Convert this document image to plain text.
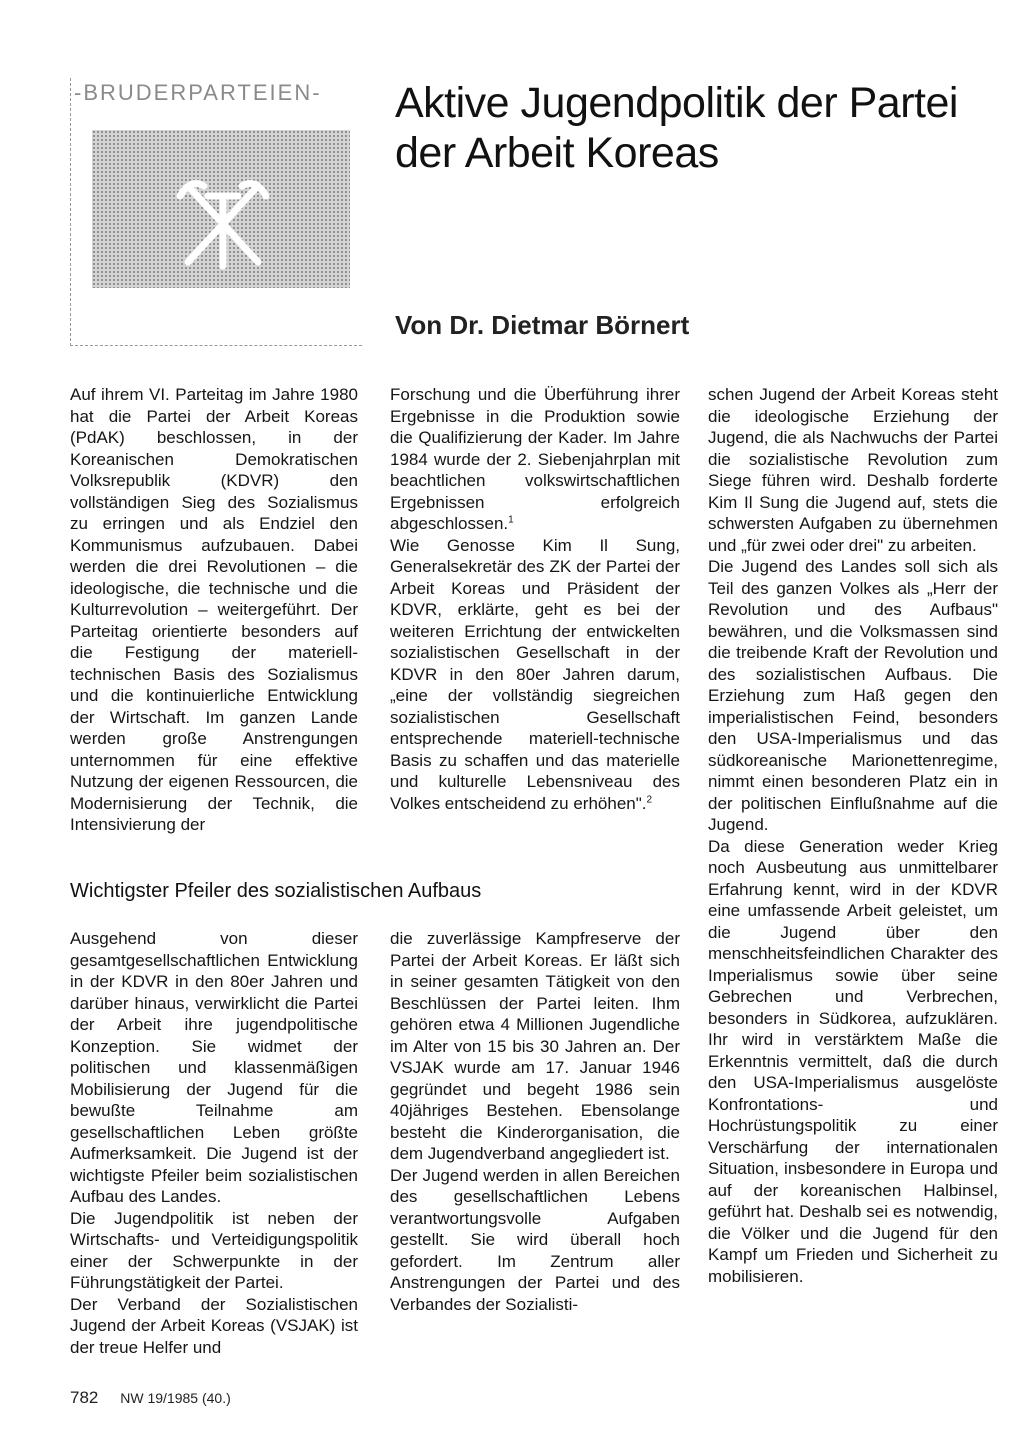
-BRUDERPARTEIEN- Aktive Jugendpolitik der Partei der Arbeit Koreas
Von Dr. Dietmar Börnert

Auf ihrem VI. Parteitag im Jahre 1980 hat die Partei der Arbeit Koreas (PdAK) beschlossen, in der Koreanischen Demokratischen Volksrepublik (KDVR) den vollständigen Sieg des Sozialismus zu erringen und als Endziel den Kommunismus aufzubauen. Dabei werden die drei Revolutionen – die ideologische, die technische und die Kulturrevolution – weitergeführt. Der Parteitag orientierte besonders auf die Festigung der materiell-technischen Basis des Sozialismus und die kontinuierliche Entwicklung der Wirtschaft. Im ganzen Lande werden große Anstrengungen unternommen für eine effektive Nutzung der eigenen Ressourcen, die Modernisierung der Technik, die Intensivierung der

Forschung und die Überführung ihrer Ergebnisse in die Produktion sowie die Qualifizierung der Kader. Im Jahre 1984 wurde der 2. Siebenjahrplan mit beachtlichen volkswirtschaftlichen Ergebnissen erfolgreich abgeschlossen.$^1$

Wie Genosse Kim Il Sung, Generalsekretär des ZK der Partei der Arbeit Koreas und Präsident der KDVR, erklärte, geht es bei der weiteren Errichtung der entwickelten sozialistischen Gesellschaft in der KDVR in den 80er Jahren darum, „eine der vollständig siegreichen sozialistischen Gesellschaft entsprechende materiell-technische Basis zu schaffen und das materielle und kulturelle Lebensniveau des Volkes entscheidend zu erhöhen".$^2$

schen Jugend der Arbeit Koreas steht die ideologische Erziehung der Jugend, die als Nachwuchs der Partei die sozialistische Revolution zum Siege führen wird. Deshalb forderte Kim Il Sung die Jugend auf, stets die schwersten Aufgaben zu übernehmen und „für zwei oder drei" zu arbeiten.

Die Jugend des Landes soll sich als Teil des ganzen Volkes als „Herr der Revolution und des Aufbaus" bewähren, und die Volksmassen sind die treibende Kraft der Revolution und des sozialistischen Aufbaus. Die Erziehung zum Haß gegen den imperialistischen Feind, besonders den USA-Imperialismus und das südkoreanische Marionettenregime, nimmt einen besonderen Platz ein in der politischen Einflußnahme auf die Jugend.

Da diese Generation weder Krieg noch Ausbeutung aus unmittelbarer Erfahrung kennt, wird in der KDVR eine umfassende Arbeit geleistet, um die Jugend über den menschheitsfeindlichen Charakter des Imperialismus sowie über seine Gebrechen und Verbrechen, besonders in Südkorea, aufzuklären. Ihr wird in verstärktem Maße die Erkenntnis vermittelt, daß die durch den USA-Imperialismus ausgelöste Konfrontations- und Hochrüstungspolitik zu einer Verschärfung der internationalen Situation, insbesondere in Europa und auf der koreanischen Halbinsel, geführt hat. Deshalb sei es notwendig, die Völker und die Jugend für den Kampf um Frieden und Sicherheit zu mobilisieren.

Wichtigster Pfeiler des sozialistischen Aufbaus

Ausgehend von dieser gesamtgesellschaftlichen Entwicklung in der KDVR in den 80er Jahren und darüber hinaus, verwirklicht die Partei der Arbeit ihre jugendpolitische Konzeption. Sie widmet der politischen und klassenmäßigen Mobilisierung der Jugend für die bewußte Teilnahme am gesellschaftlichen Leben größte Aufmerksamkeit. Die Jugend ist der wichtigste Pfeiler beim sozialistischen Aufbau des Landes.

Die Jugendpolitik ist neben der Wirtschafts- und Verteidigungspolitik einer der Schwerpunkte in der Führungstätigkeit der Partei.

Der Verband der Sozialistischen Jugend der Arbeit Koreas (VSJAK) ist der treue Helfer und

die zuverlässige Kampfreserve der Partei der Arbeit Koreas. Er läßt sich in seiner gesamten Tätigkeit von den Beschlüssen der Partei leiten. Ihm gehören etwa 4 Millionen Jugendliche im Alter von 15 bis 30 Jahren an. Der VSJAK wurde am 17. Januar 1946 gegründet und begeht 1986 sein 40jähriges Bestehen. Ebensolange besteht die Kinderorganisation, die dem Jugendverband angegliedert ist.

Der Jugend werden in allen Bereichen des gesellschaftlichen Lebens verantwortungsvolle Aufgaben gestellt. Sie wird überall hoch gefordert. Im Zentrum aller Anstrengungen der Partei und des Verbandes der Sozialisti-

782 NW 19/1985 (40.)
